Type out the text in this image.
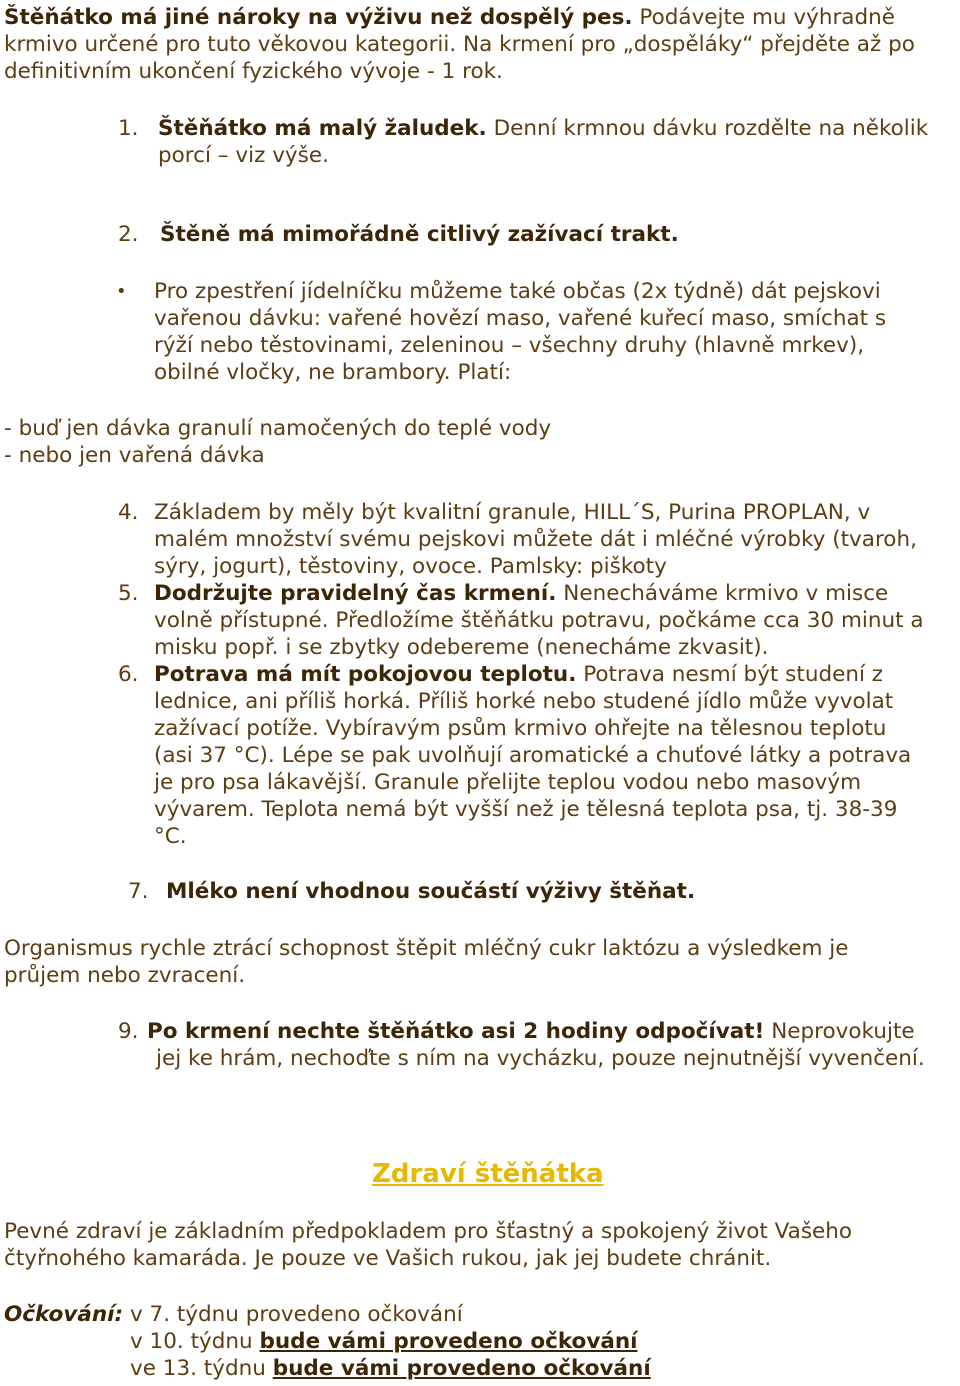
Štěňátko má jiné nároky na výživu než dospělý pes. Podávejte mu výhradně
krmivo určené pro tuto věkovou kategorii. Na krmení pro „dospěláky“ přejděte až po
definitivním ukončení fyzického vývoje - 1 rok.
1. Štěňátko má malý žaludek. Denní krmnou dávku rozdělte na několik
porcí – viz výše.
2. Štěně má mimořádně citlivý zažívací trakt.
• Pro zpestření jídelníčku můžeme také občas (2x týdně) dát pejskovi
vařenou dávku: vařené hovězí maso, vařené kuřecí maso, smíchat s
rýží nebo těstovinami, zeleninou – všechny druhy (hlavně mrkev),
obilné vločky, ne brambory. Platí:
- buď jen dávka granulí namočených do teplé vody
- nebo jen vařená dávka
4. Základem by měly být kvalitní granule, HILL´S, Purina PROPLAN, v
malém množství svému pejskovi můžete dát i mléčné výrobky (tvaroh,
sýry, jogurt), těstoviny, ovoce. Pamlsky: piškoty
5. Dodržujte pravidelný čas krmení. Nenecháváme krmivo v misce
volně přístupné. Předložíme štěňátku potravu, počkáme cca 30 minut a
misku popř. i se zbytky odebereme (nenecháme zkvasit).
6. Potrava má mít pokojovou teplotu. Potrava nesmí být studení z
lednice, ani příliš horká. Příliš horké nebo studené jídlo může vyvolat
zažívací potíže. Vybíravým psům krmivo ohřejte na tělesnou teplotu
(asi 37 °C). Lépe se pak uvolňují aromatické a chuťové látky a potrava
je pro psa lákavější. Granule přelijte teplou vodou nebo masovým
vývarem. Teplota nemá být vyšší než je tělesná teplota psa, tj. 38-39
°C.
7. Mléko není vhodnou součástí výživy štěňat.
Organismus rychle ztrácí schopnost štěpit mléčný cukr laktózu a výsledkem je
průjem nebo zvracení.
9. Po krmení nechte štěňátko asi 2 hodiny odpočívat! Neprovokujte
jej ke hrám, nechoďte s ním na vycházku, pouze nejnutnější vyvenčení.
Zdraví štěňátka
Pevné zdraví je základním předpokladem pro šťastný a spokojený život Vašeho
čtyřnohého kamaráda. Je pouze ve Vašich rukou, jak jej budete chránit.
Očkování: v 7. týdnu provedeno očkování
v 10. týdnu bude vámi provedeno očkování
ve 13. týdnu bude vámi provedeno očkování
